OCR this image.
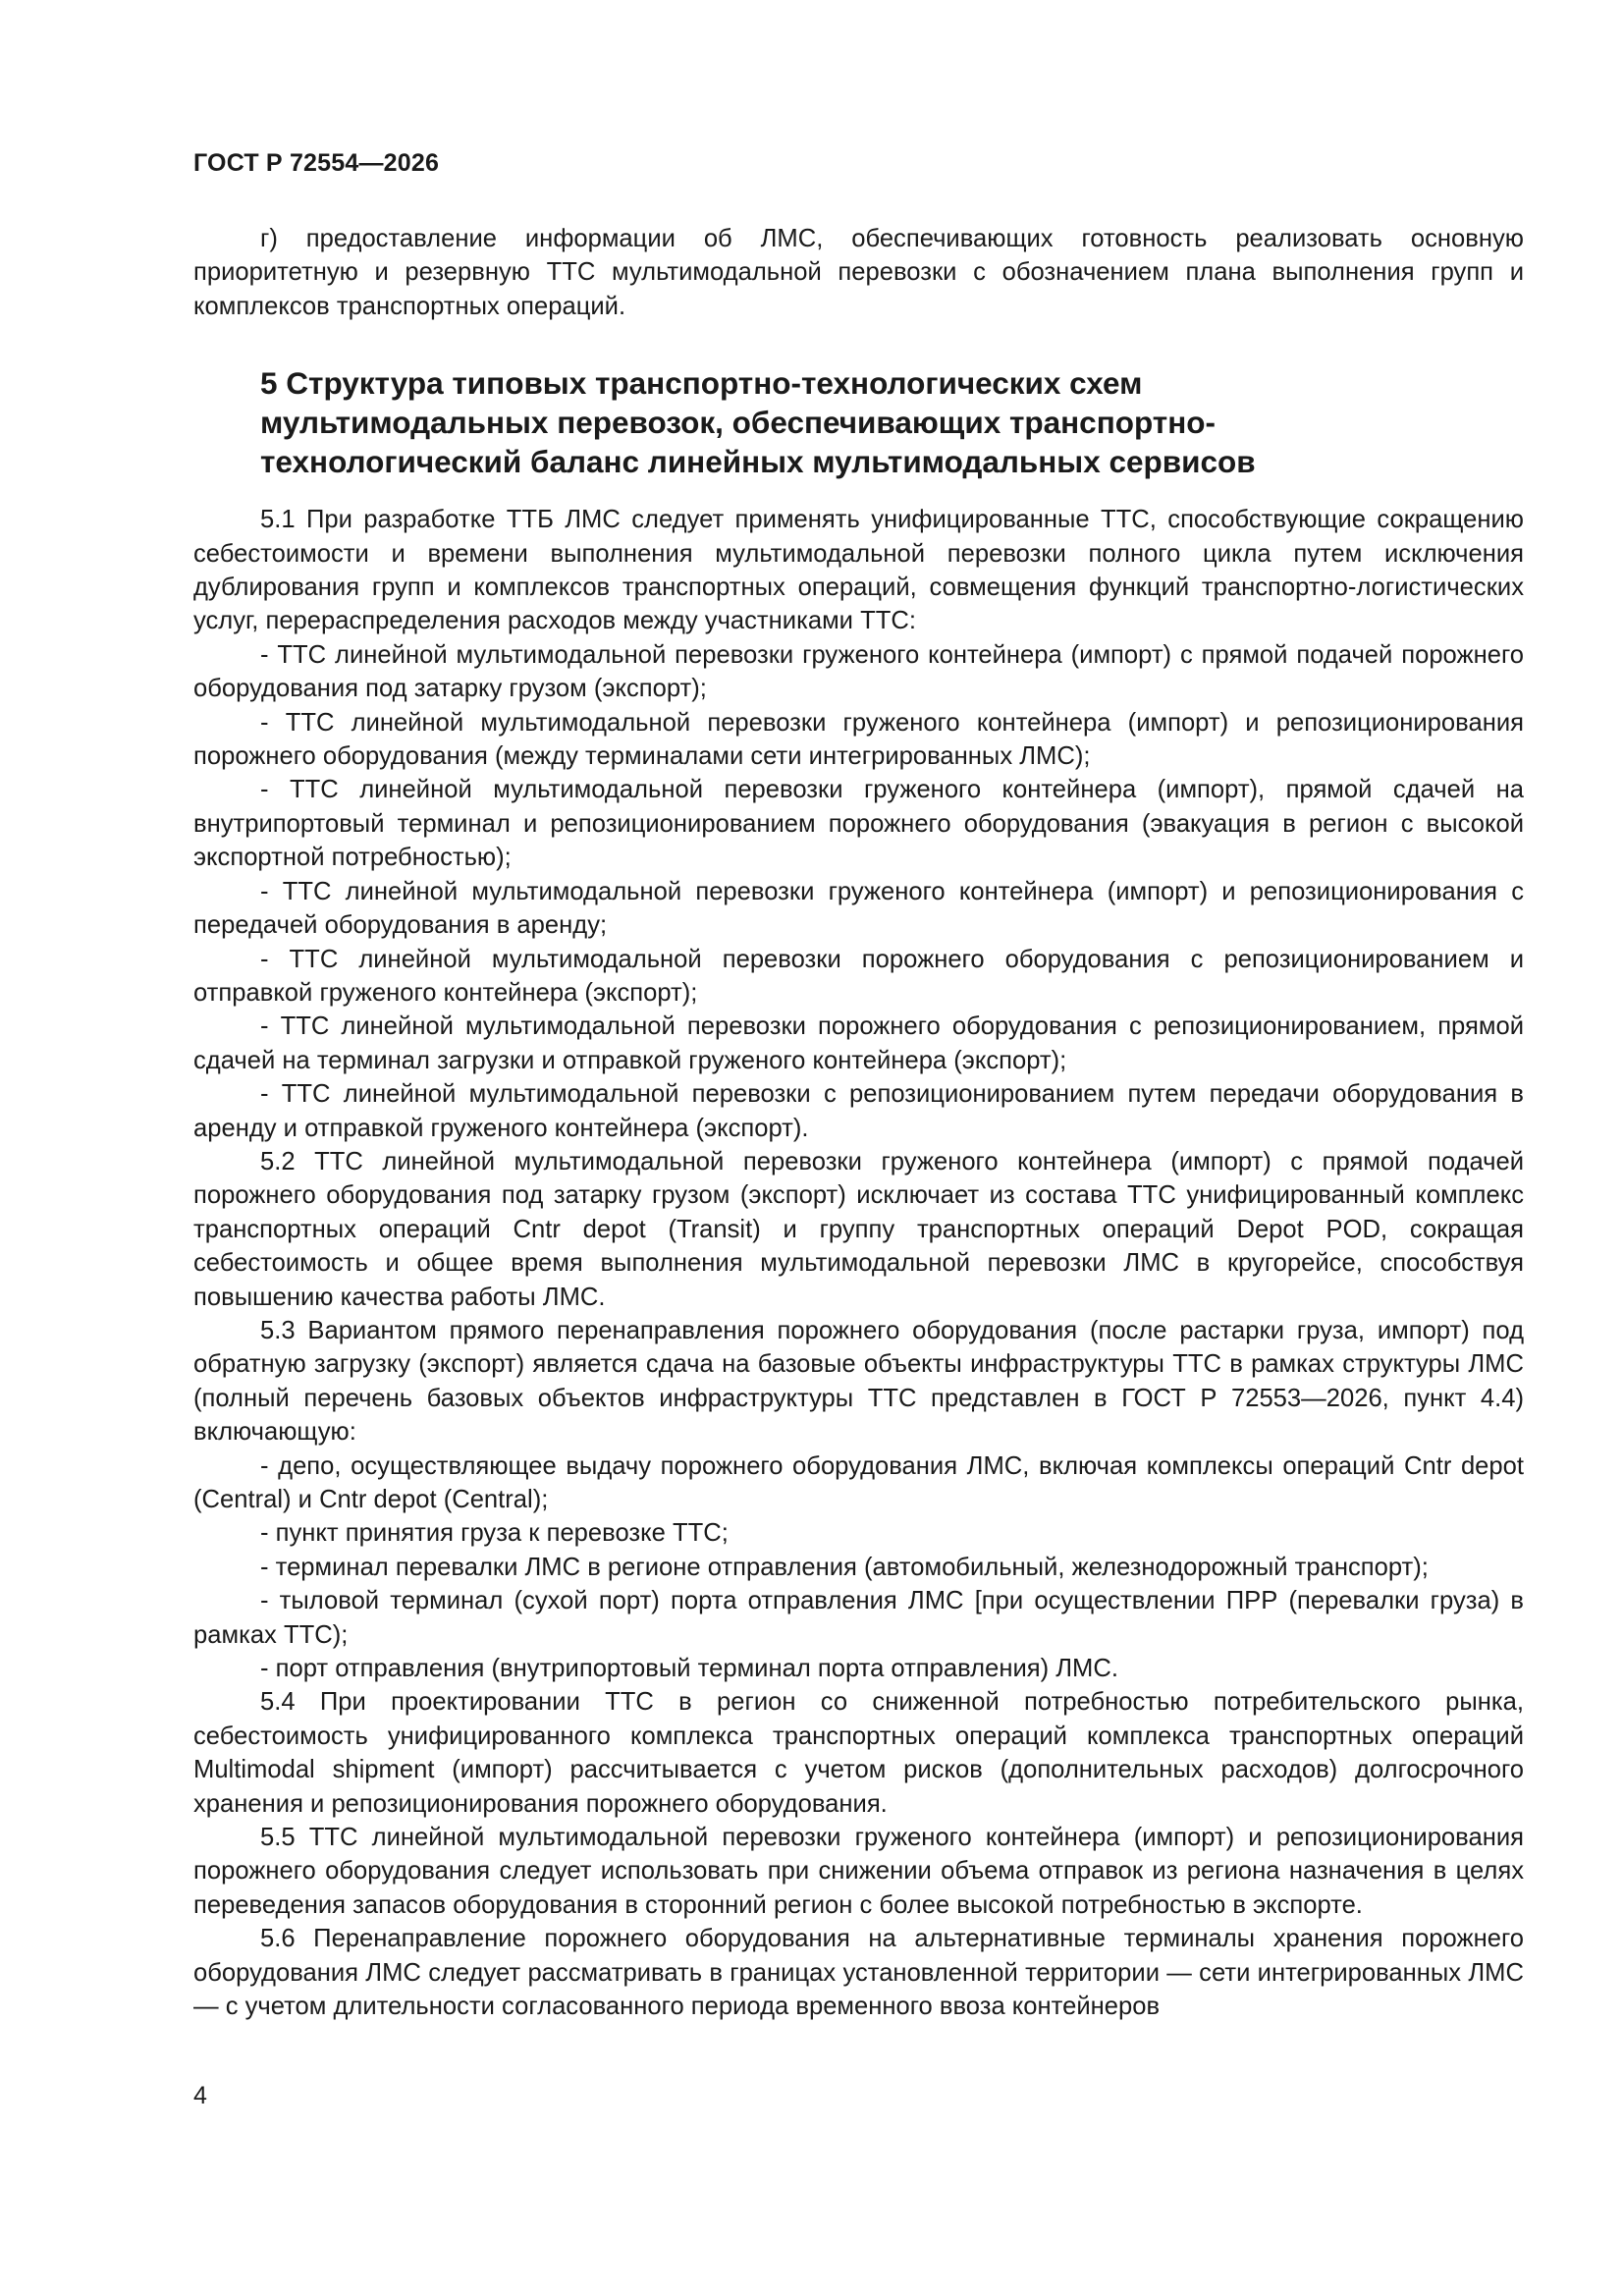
ГОСТ Р 72554—2026

г) предоставление информации об ЛМС, обеспечивающих готовность реализовать основную приоритетную и резервную ТТС мультимодальной перевозки с обозначением плана выполнения групп и комплексов транспортных операций.

5 Структура типовых транспортно-технологических схем
мультимодальных перевозок, обеспечивающих транспортно-
технологический баланс линейных мультимодальных сервисов

5.1 При разработке ТТБ ЛМС следует применять унифицированные ТТС, способствующие сокращению себестоимости и времени выполнения мультимодальной перевозки полного цикла путем исключения дублирования групп и комплексов транспортных операций, совмещения функций транспортно-логистических услуг, перераспределения расходов между участниками ТТС:

- ТТС линейной мультимодальной перевозки груженого контейнера (импорт) с прямой подачей порожнего оборудования под затарку грузом (экспорт);

- ТТС линейной мультимодальной перевозки груженого контейнера (импорт) и репозиционирования порожнего оборудования (между терминалами сети интегрированных ЛМС);

- ТТС линейной мультимодальной перевозки груженого контейнера (импорт), прямой сдачей на внутрипортовый терминал и репозиционированием порожнего оборудования (эвакуация в регион с высокой экспортной потребностью);

- ТТС линейной мультимодальной перевозки груженого контейнера (импорт) и репозиционирования с передачей оборудования в аренду;

- ТТС линейной мультимодальной перевозки порожнего оборудования с репозиционированием и отправкой груженого контейнера (экспорт);

- ТТС линейной мультимодальной перевозки порожнего оборудования с репозиционированием, прямой сдачей на терминал загрузки и отправкой груженого контейнера (экспорт);

- ТТС линейной мультимодальной перевозки с репозиционированием путем передачи оборудования в аренду и отправкой груженого контейнера (экспорт).

5.2 ТТС линейной мультимодальной перевозки груженого контейнера (импорт) с прямой подачей порожнего оборудования под затарку грузом (экспорт) исключает из состава ТТС унифицированный комплекс транспортных операций Cntr depot (Transit) и группу транспортных операций Depot POD, сокращая себестоимость и общее время выполнения мультимодальной перевозки ЛМС в кругорейсе, способствуя повышению качества работы ЛМС.

5.3 Вариантом прямого перенаправления порожнего оборудования (после растарки груза, импорт) под обратную загрузку (экспорт) является сдача на базовые объекты инфраструктуры ТТС в рамках структуры ЛМС (полный перечень базовых объектов инфраструктуры ТТС представлен в ГОСТ Р 72553—2026, пункт 4.4) включающую:

- депо, осуществляющее выдачу порожнего оборудования ЛМС, включая комплексы операций Cntr depot (Central) и Cntr depot (Central);

- пункт принятия груза к перевозке ТТС;

- терминал перевалки ЛМС в регионе отправления (автомобильный, железнодорожный транспорт);

- тыловой терминал (сухой порт) порта отправления ЛМС [при осуществлении ПРР (перевалки груза) в рамках ТТС);

- порт отправления (внутрипортовый терминал порта отправления) ЛМС.

5.4 При проектировании ТТС в регион со сниженной потребностью потребительского рынка, себестоимость унифицированного комплекса транспортных операций комплекса транспортных операций Multimodal shipment (импорт) рассчитывается с учетом рисков (дополнительных расходов) долгосрочного хранения и репозиционирования порожнего оборудования.

5.5 ТТС линейной мультимодальной перевозки груженого контейнера (импорт) и репозиционирования порожнего оборудования следует использовать при снижении объема отправок из региона назначения в целях переведения запасов оборудования в сторонний регион с более высокой потребностью в экспорте.

5.6 Перенаправление порожнего оборудования на альтернативные терминалы хранения порожнего оборудования ЛМС следует рассматривать в границах установленной территории — сети интегрированных ЛМС — с учетом длительности согласованного периода временного ввоза контейнеров

4
